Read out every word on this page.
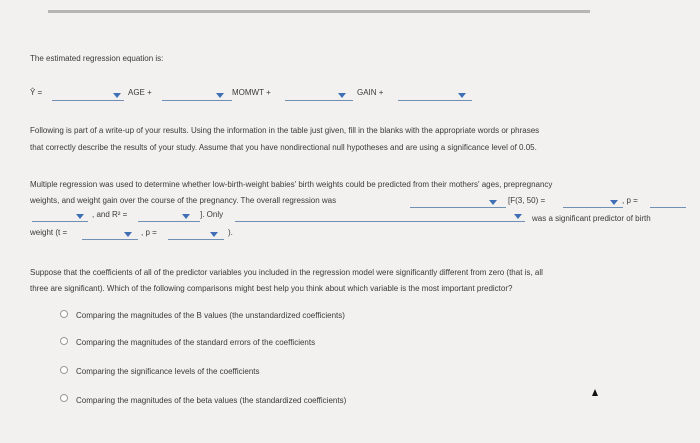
The estimated regression equation is:
Ŷ =	AGE +	MOMWT +	GAIN +
Following is part of a write-up of your results. Using the information in the table just given, fill in the blanks with the appropriate words or phrases
that correctly describe the results of your study. Assume that you have nondirectional null hypotheses and are using a significance level of 0.05.
Multiple regression was used to determine whether low-birth-weight babies' birth weights could be predicted from their mothers' ages, prepregnancy
weights, and weight gain over the course of the pregnancy. The overall regression was	[F(3, 50) =	, p =
, and R² =	]. Only	was a significant predictor of birth
weight (t =	, p =	).
Suppose that the coefficients of all of the predictor variables you included in the regression model were significantly different from zero (that is, all
three are significant). Which of the following comparisons might best help you think about which variable is the most important predictor?
Comparing the magnitudes of the B values (the unstandardized coefficients)
Comparing the magnitudes of the standard errors of the coefficients
Comparing the significance levels of the coefficients
Comparing the magnitudes of the beta values (the standardized coefficients)
